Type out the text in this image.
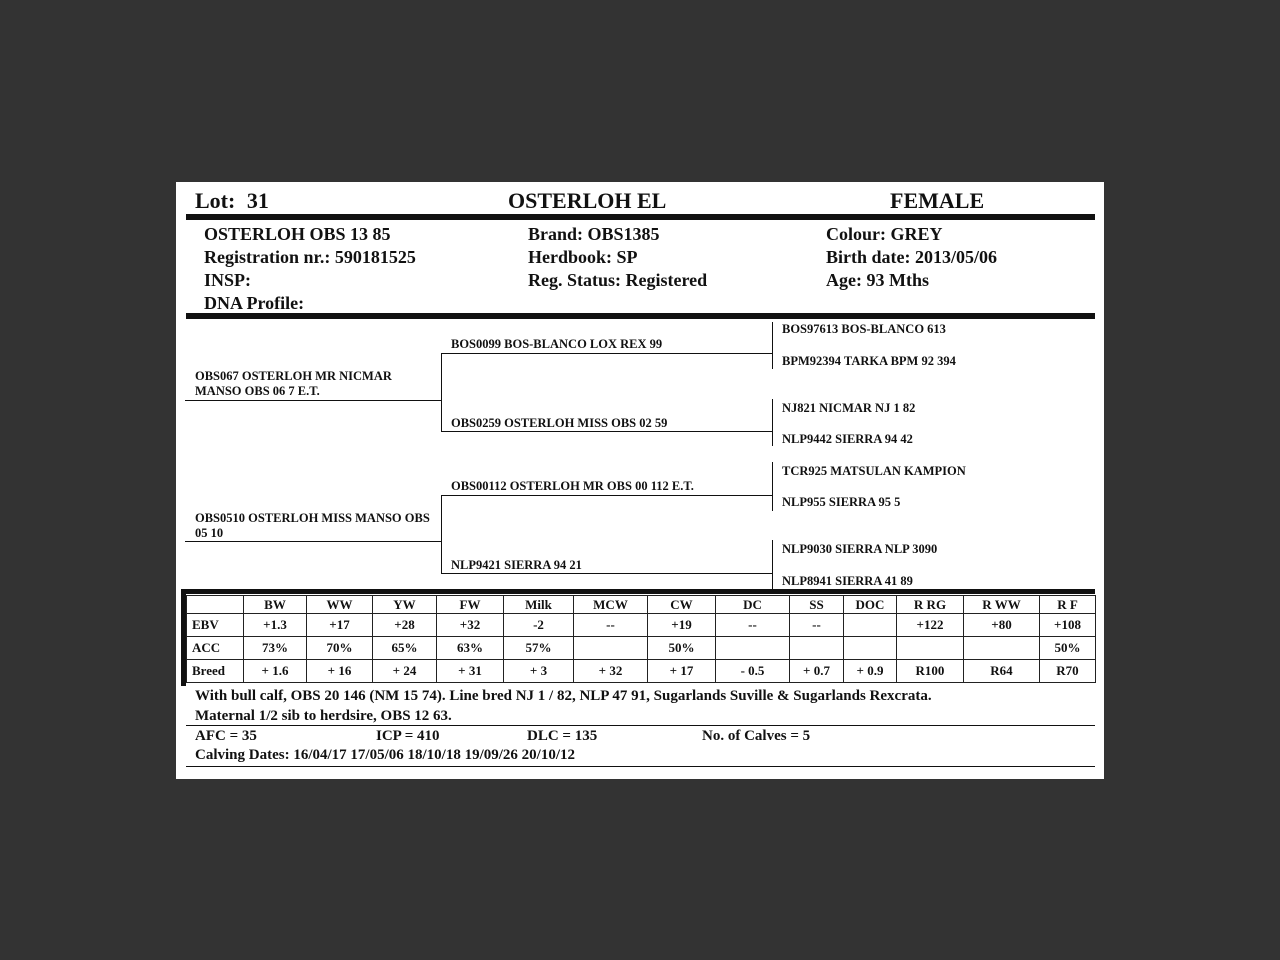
Lot: 31	OSTERLOH EL	FEMALE
OSTERLOH OBS 13 85
Registration nr.: 590181525
INSP:
DNA Profile:
Brand: OBS1385
Herdbook: SP
Reg. Status: Registered
Colour: GREY
Birth date: 2013/05/06
Age: 93 Mths
OBS067 OSTERLOH MR NICMAR MANSO OBS 06 7 E.T.
OBS0510 OSTERLOH MISS MANSO OBS 05 10
BOS0099 BOS-BLANCO LOX REX 99
OBS0259 OSTERLOH MISS OBS 02 59
OBS00112 OSTERLOH MR OBS 00 112 E.T.
NLP9421 SIERRA 94 21
BOS97613 BOS-BLANCO 613
BPM92394 TARKA BPM 92 394
NJ821 NICMAR NJ 1 82
NLP9442 SIERRA 94 42
TCR925 MATSULAN KAMPION
NLP955 SIERRA 95 5
NLP9030 SIERRA NLP 3090
NLP8941 SIERRA 41 89
	BW	WW	YW	FW	Milk	MCW	CW	DC	SS	DOC	R RG	R WW	R F
EBV	+1.3	+17	+28	+32	-2	--	+19	--	--		+122	+80	+108
ACC	73%	70%	65%	63%	57%		50%						50%
Breed	+ 1.6	+ 16	+ 24	+ 31	+ 3	+ 32	+ 17	- 0.5	+ 0.7	+ 0.9	R100	R64	R70
With bull calf, OBS 20 146 (NM 15 74). Line bred NJ 1 / 82, NLP 47 91, Sugarlands Suville & Sugarlands Rexcrata.
Maternal 1/2 sib to herdsire, OBS 12 63.
AFC = 35	ICP = 410	DLC = 135	No. of Calves = 5
Calving Dates: 16/04/17 17/05/06 18/10/18 19/09/26 20/10/12
